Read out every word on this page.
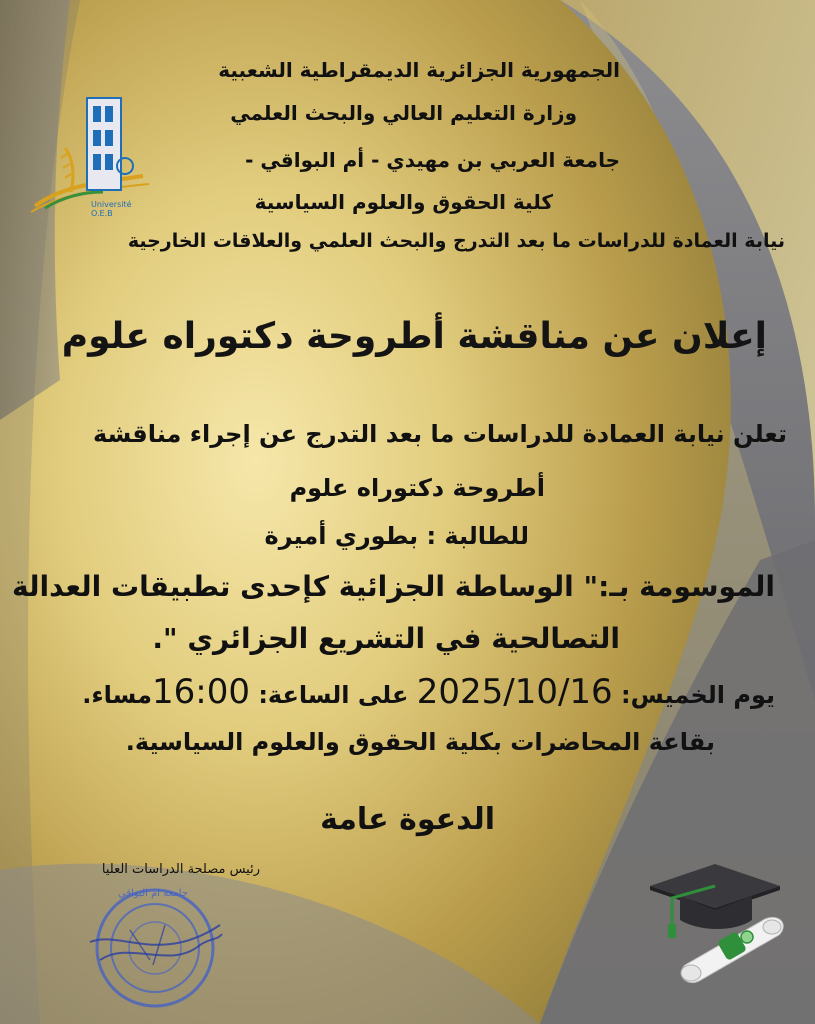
Université O.E.B
الجمهورية الجزائرية الديمقراطية الشعبية
وزارة التعليم العالي والبحث العلمي
جامعة العربي بن مهيدي - أم البواقي -
كلية الحقوق والعلوم السياسية
نيابة العمادة للدراسات ما بعد التدرج والبحث العلمي والعلاقات الخارجية
إعلان عن مناقشة أطروحة دكتوراه علوم
تعلن نيابة العمادة للدراسات ما بعد التدرج عن إجراء مناقشة
أطروحة دكتوراه علوم
للطالبة : بطوري أميرة
الموسومة بـ:" الوساطة الجزائية كإحدى تطبيقات العدالة
التصالحية في التشريع الجزائري ".
يوم الخميس: 2025/10/16 على الساعة: 16:00مساء.
بقاعة المحاضرات بكلية الحقوق والعلوم السياسية.
الدعوة عامة
رئيس مصلحة الدراسات العليا
جامعة ام البواقي
